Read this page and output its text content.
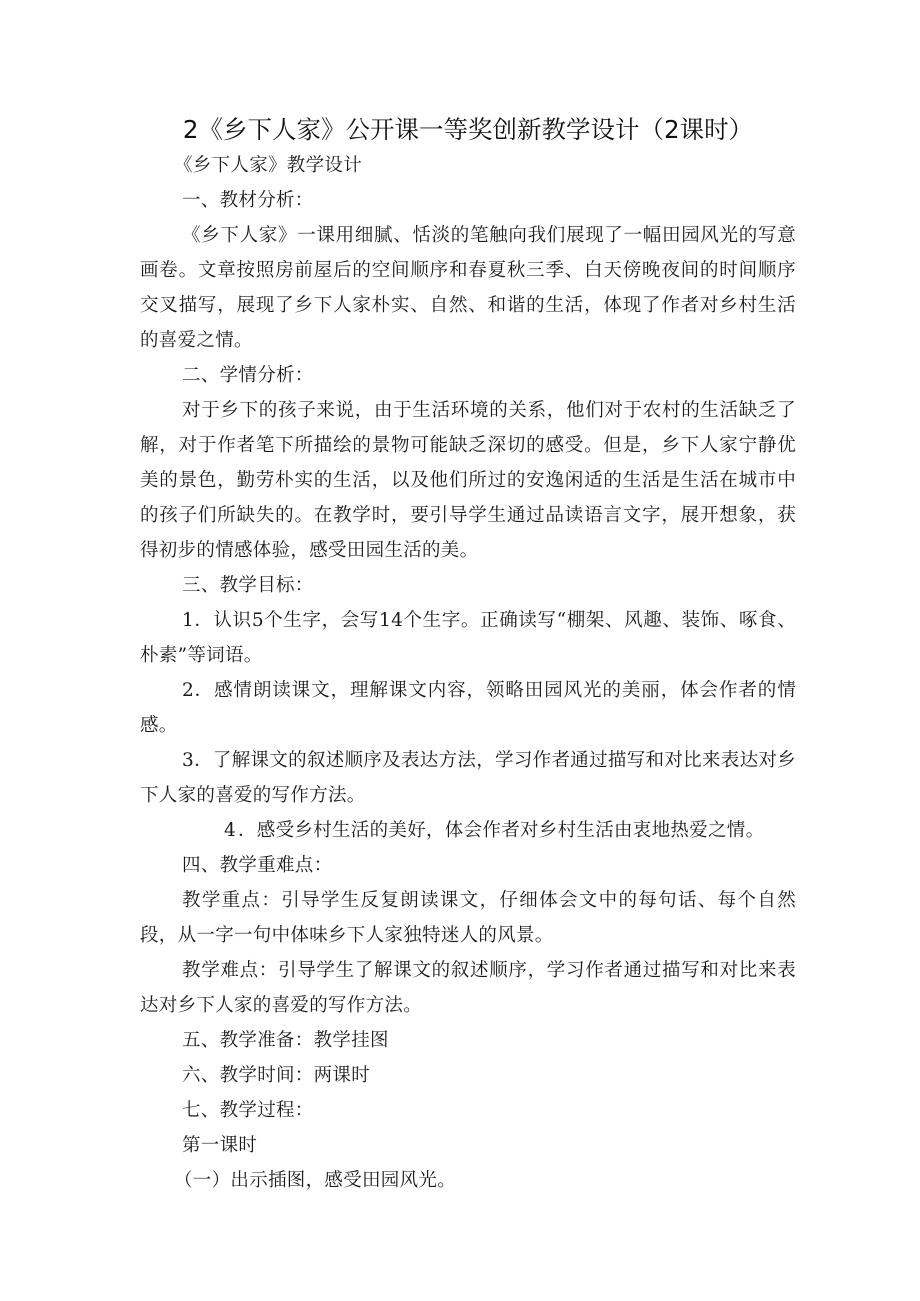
2《乡下人家》公开课一等奖创新教学设计（2课时）

《乡下人家》教学设计

一、教材分析：

《乡下人家》一课用细腻、恬淡的笔触向我们展现了一幅田园风光的写意画卷。文章按照房前屋后的空间顺序和春夏秋三季、白天傍晚夜间的时间顺序交叉描写，展现了乡下人家朴实、自然、和谐的生活，体现了作者对乡村生活的喜爱之情。

二、学情分析：

对于乡下的孩子来说，由于生活环境的关系，他们对于农村的生活缺乏了解，对于作者笔下所描绘的景物可能缺乏深切的感受。但是，乡下人家宁静优美的景色，勤劳朴实的生活，以及他们所过的安逸闲适的生活是生活在城市中的孩子们所缺失的。在教学时，要引导学生通过品读语言文字，展开想象，获得初步的情感体验，感受田园生活的美。

三、教学目标：

1．认识5个生字，会写14个生字。正确读写“棚架、风趣、装饰、啄食、朴素”等词语。

2．感情朗读课文，理解课文内容，领略田园风光的美丽，体会作者的情感。

3．了解课文的叙述顺序及表达方法，学习作者通过描写和对比来表达对乡下人家的喜爱的写作方法。

4 ．感受乡村生活的美好，体会作者对乡村生活由衷地热爱之情。

四、教学重难点：

教学重点：引导学生反复朗读课文，仔细体会文中的每句话、每个自然段，从一字一句中体味乡下人家独特迷人的风景。

教学难点：引导学生了解课文的叙述顺序，学习作者通过描写和对比来表达对乡下人家的喜爱的写作方法。

五、教学准备：教学挂图

六、教学时间：两课时

七、教学过程：

第一课时

（一）出示插图，感受田园风光。
